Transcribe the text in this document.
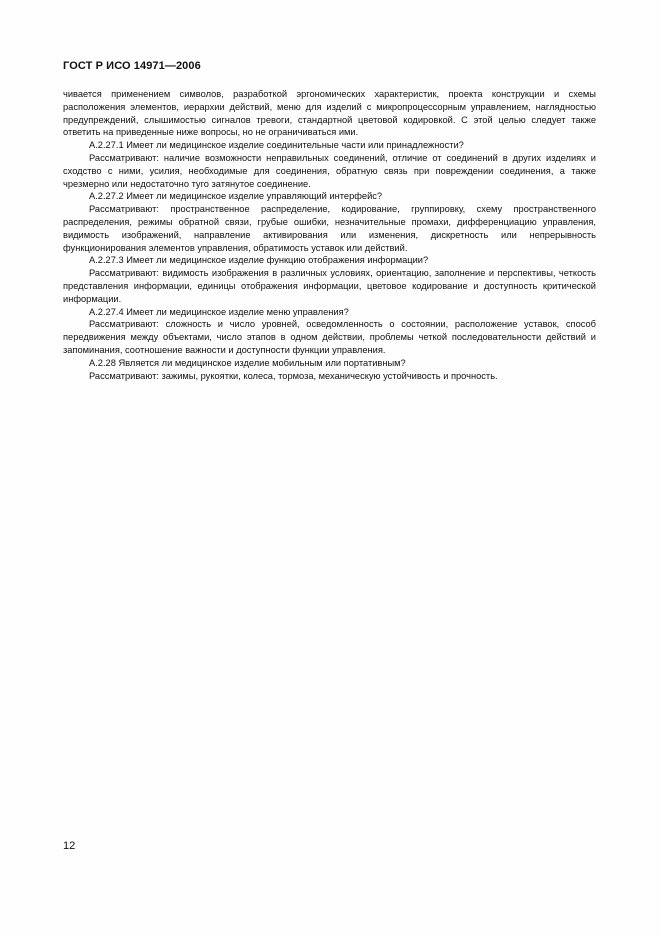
ГОСТ Р ИСО 14971—2006

чивается применением символов, разработкой эргономических характеристик, проекта конструкции и схемы расположения элементов, иерархии действий, меню для изделий с микропроцессорным управлением, наглядностью предупреждений, слышимостью сигналов тревоги, стандартной цветовой кодировкой. С этой целью следует также ответить на приведенные ниже вопросы, но не ограничиваться ими.

А.2.27.1 Имеет ли медицинское изделие соединительные части или принадлежности?

Рассматривают: наличие возможности неправильных соединений, отличие от соединений в других изделиях и сходство с ними, усилия, необходимые для соединения, обратную связь при повреждении соединения, а также чрезмерно или недостаточно туго затянутое соединение.

А.2.27.2 Имеет ли медицинское изделие управляющий интерфейс?

Рассматривают: пространственное распределение, кодирование, группировку, схему пространственного распределения, режимы обратной связи, грубые ошибки, незначительные промахи, дифференциацию управления, видимость изображений, направление активирования или изменения, дискретность или непрерывность функционирования элементов управления, обратимость уставок или действий.

А.2.27.3 Имеет ли медицинское изделие функцию отображения информации?

Рассматривают: видимость изображения в различных условиях, ориентацию, заполнение и перспективы, четкость представления информации, единицы отображения информации, цветовое кодирование и доступность критической информации.

А.2.27.4 Имеет ли медицинское изделие меню управления?

Рассматривают: сложность и число уровней, осведомленность о состоянии, расположение уставок, способ передвижения между объектами, число этапов в одном действии, проблемы четкой последовательности действий и запоминания, соотношение важности и доступности функции управления.

А.2.28 Является ли медицинское изделие мобильным или портативным?

Рассматривают: зажимы, рукоятки, колеса, тормоза, механическую устойчивость и прочность.

12
